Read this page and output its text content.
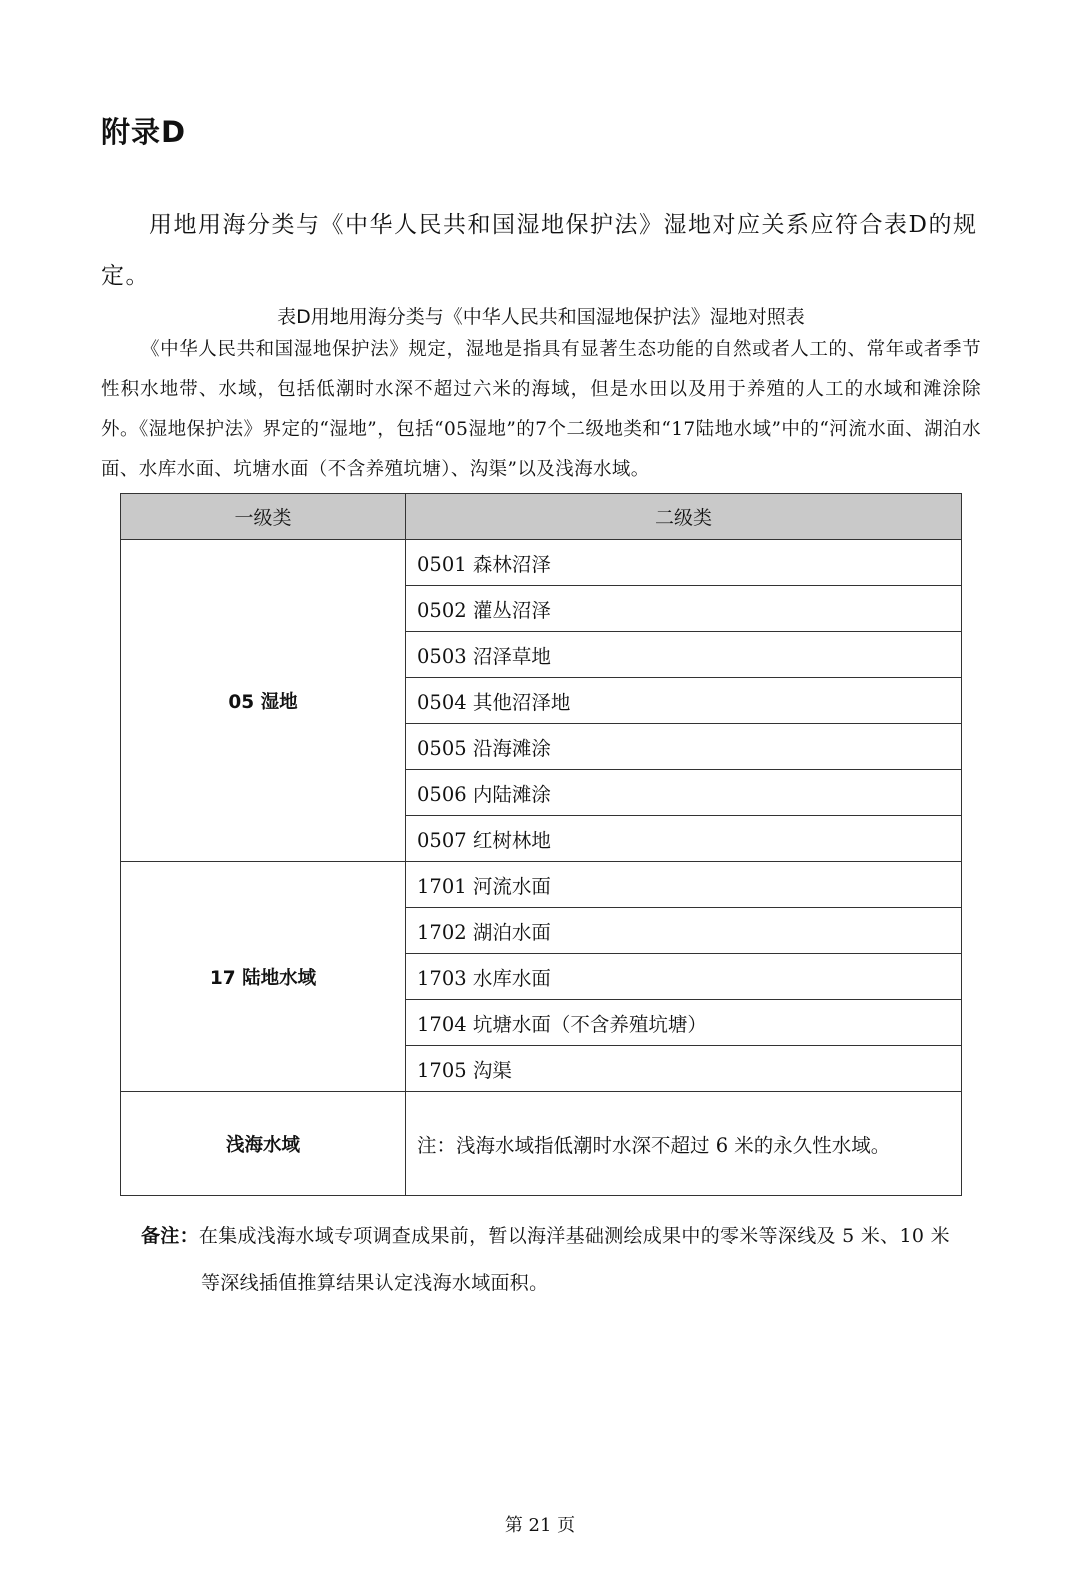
附录D

用地用海分类与《中华人民共和国湿地保护法》湿地对应关系应符合表D的规定。

表D用地用海分类与《中华人民共和国湿地保护法》湿地对照表

《中华人民共和国湿地保护法》规定，湿地是指具有显著生态功能的自然或者人工的、常年或者季节性积水地带、水域，包括低潮时水深不超过六米的海域，但是水田以及用于养殖的人工的水域和滩涂除外。《湿地保护法》界定的“湿地”，包括“05湿地”的7个二级地类和“17陆地水域”中的“河流水面、湖泊水面、水库水面、坑塘水面（不含养殖坑塘）、沟渠”以及浅海水域。

一级类	二级类
05 湿地	0501 森林沼泽
	0502 灌丛沼泽
	0503 沼泽草地
	0504 其他沼泽地
	0505 沿海滩涂
	0506 内陆滩涂
	0507 红树林地
17 陆地水域	1701 河流水面
	1702 湖泊水面
	1703 水库水面
	1704 坑塘水面（不含养殖坑塘）
	1705 沟渠
浅海水域	注：浅海水域指低潮时水深不超过 6 米的永久性水域。
备注：在集成浅海水域专项调查成果前，暂以海洋基础测绘成果中的零米等深线及 5 米、10 米
等深线插值推算结果认定浅海水域面积。
第 21 页
